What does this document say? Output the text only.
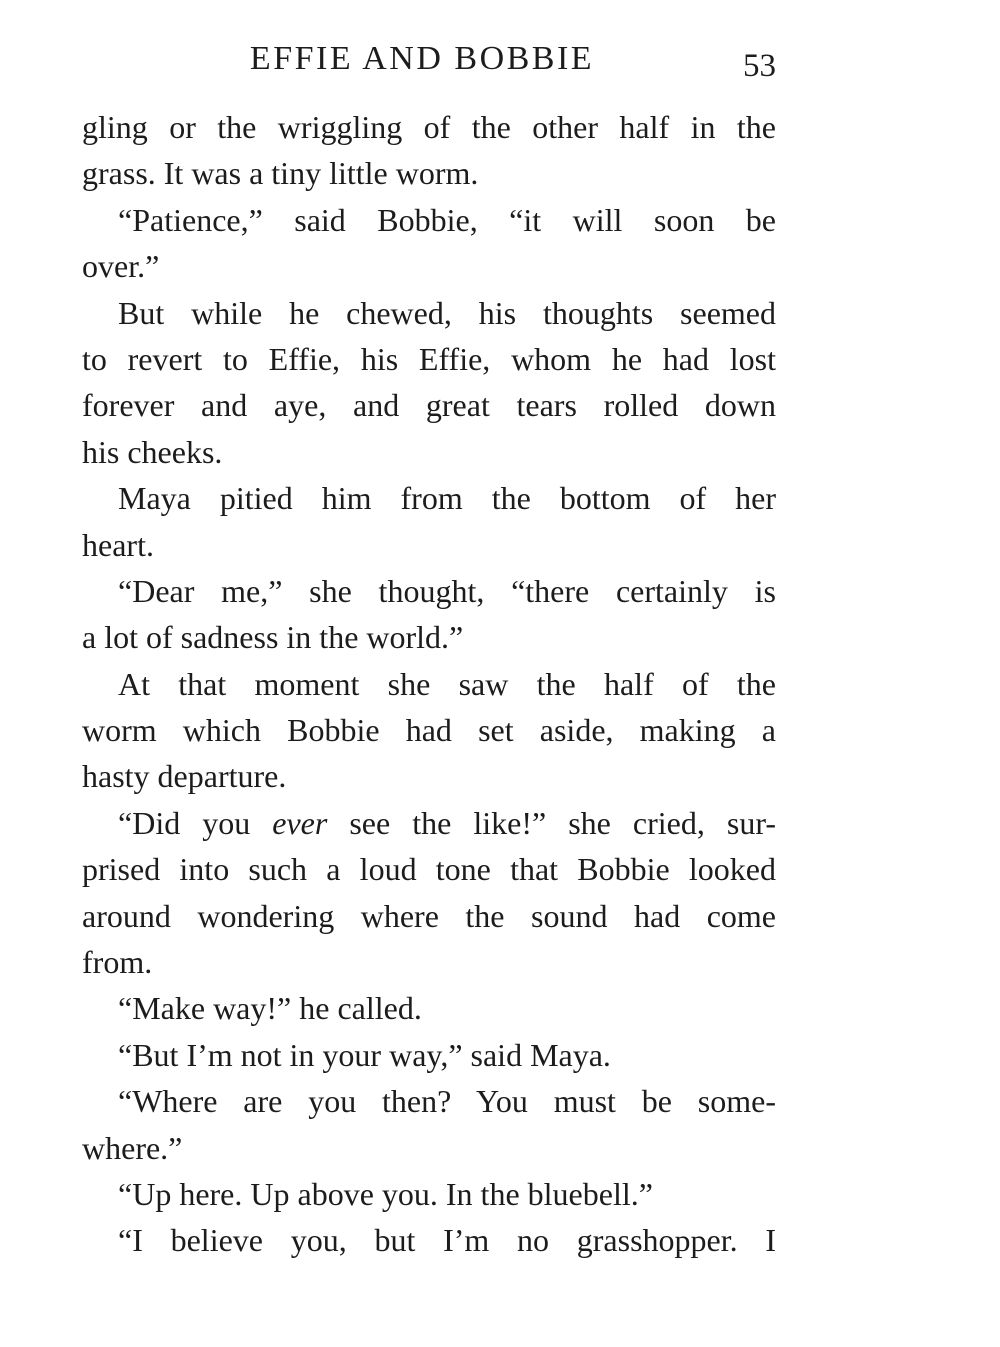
EFFIE AND BOBBIE	53
gling or the wriggling of the other half in the
grass. It was a tiny little worm.
“Patience,” said Bobbie, “it will soon be
over.”
But while he chewed, his thoughts seemed
to revert to Effie, his Effie, whom he had lost
forever and aye, and great tears rolled down
his cheeks.
Maya pitied him from the bottom of her
heart.
“Dear me,” she thought, “there certainly is
a lot of sadness in the world.”
At that moment she saw the half of the
worm which Bobbie had set aside, making a
hasty departure.
“Did you ever see the like!” she cried, sur-
prised into such a loud tone that Bobbie looked
around wondering where the sound had come
from.
“Make way!” he called.
“But I’m not in your way,” said Maya.
“Where are you then? You must be some-
where.”
“Up here. Up above you. In the bluebell.”
“I believe you, but I’m no grasshopper. I
